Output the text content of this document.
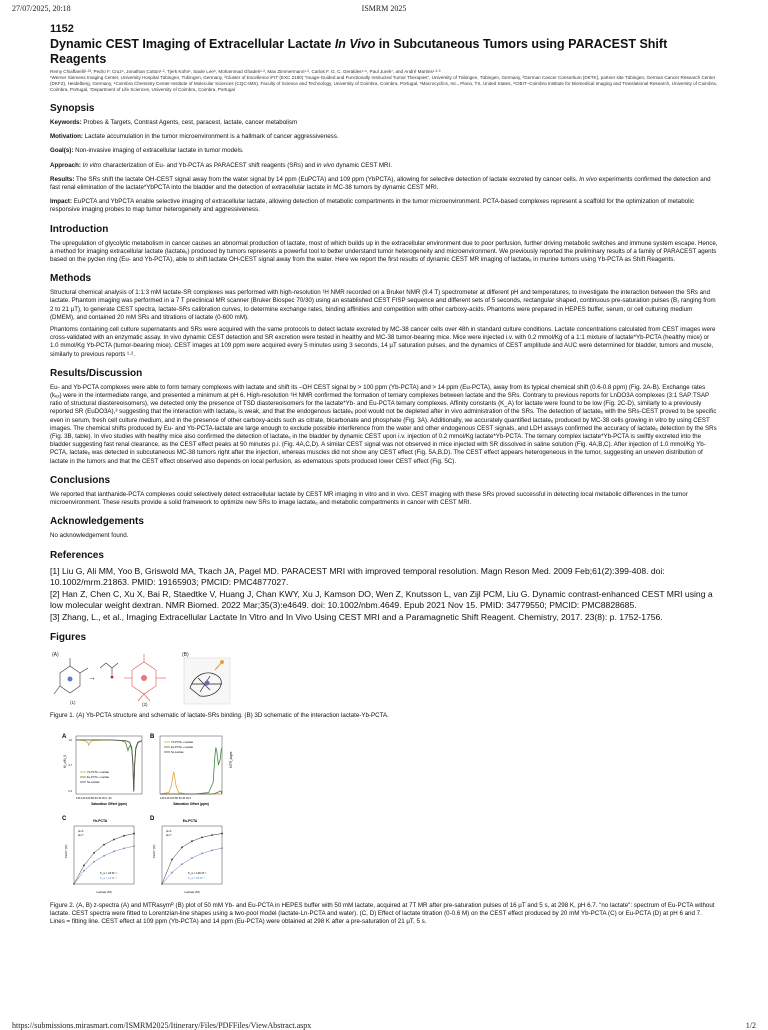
27/07/2025, 20:18	ISMRM 2025

1152

Dynamic CEST Imaging of Extracellular Lactate In Vivo in Subcutaneous Tumors using PARACEST Shift Reagents

Remy Chiaffarelli¹·²³, Pedro F. Cruz⁴, Jonathan Cotton¹·², Tjerk Kühn¹, Saule Lee⁵, Mohammad Ghaderi¹·², Max Zimmermann¹·², Carlos F. G. C. Geraldes⁴·⁶, Paul Jurek⁷, and André Martins¹·²·³
¹Werner Siemens Imaging Center, University Hospital Tübingen, Tübingen, Germany, ²Cluster of Excellence iFIT (EXC 2180) "Image-Guided and Functionally Instructed Tumor Therapies", University of Tübingen, Tübingen, Germany, ³German Cancer Consortium (DKTK), partner site Tübingen, German Cancer Research Center (DKFZ), Heidelberg, Germany, ⁴Coimbra Chemistry Center-Institute of Molecular Sciences (CQC-IMS), Faculty of Science and Technology, University of Coimbra, Coimbra, Portugal, ⁵Macrocyclics, Inc., Plano, TX, United States, ⁶CIBIT–Coimbra Institute for Biomedical Imaging and Translational Research, University of Coimbra, Coimbra, Portugal, ⁷Department of Life Sciences, University of Coimbra, Coimbra, Portugal
Synopsis

Keywords: Probes & Targets, Contrast Agents, cest, paracest, lactate, cancer metabolism

Motivation: Lactate accumulation in the tumor microenvironment is a hallmark of cancer aggressiveness.

Goal(s): Non-invasive imaging of extracellular lactate in tumor models.

Approach: In vitro characterization of Eu- and Yb-PCTA as PARACEST shift reagents (SRs) and in vivo dynamic CEST MRI.

Results: The SRs shift the lactate OH-CEST signal away from the water signal by 14 ppm (EuPCTA) and 109 ppm (YbPCTA), allowing for selective detection of lactate excreted by cancer cells. In vivo experiments confirmed the detection and fast renal elimination of the lactate*YbPCTA into the bladder and the detection of extracellular lactate in MC-38 tumors by dynamic CEST MRI.

Impact: EuPCTA and YbPCTA enable selective imaging of extracellular lactate, allowing detection of metabolic compartments in the tumor microenvironment. PCTA-based complexes represent a scaffold for the optimization of metabolic responsive imaging probes to map tumor heterogeneity and aggressiveness.

Introduction

The upregulation of glycolytic metabolism in cancer causes an abnormal production of lactate, most of which builds up in the extracellular environment due to poor perfusion, further driving metabolic switches and immune system escape. Hence, a method for imaging extracellular lactate (lactateₑ) produced by tumors represents a powerful tool to better understand tumor heterogeneity and microenvironment. We previously reported the preliminary results of a family of PARACEST agents based on the pyclen ring (Eu- and Yb-PCTA), able to shift lactate OH-CEST signal away from the water. Here we report the first results of dynamic CEST MR imaging of lactateₑ in murine tumors using Yb-PCTA as Shift Reagents.

Methods

Structural chemical analysis of 1:1:3 mM lactate-SR complexes was performed with high-resolution ¹H NMR recorded on a Bruker NMR (9.4 T) spectrometer at different pH and temperatures, to investigate the interaction between the SRs and lactate. Phantom imaging was performed in a 7 T preclinical MR scanner (Bruker Biospec 70/30) using an established CEST FISP sequence and different sets of 5 seconds, rectangular shaped, continuous pre-saturation pulses (B₁ ranging from 2 to 21 µT), to generate CEST spectra, lactate-SRs calibration curves, to determine exchange rates, binding affinities and competition with other carboxy-acids. Phantoms were prepared in HEPES buffer, serum, or cell culturing medium (DMEM), and contained 20 mM SRs and titrations of lactate (0-600 mM).

Phantoms containing cell culture supernatants and SRs were acquired with the same protocols to detect lactate excreted by MC-38 cancer cells over 48h in standard culture conditions. Lactate concentrations calculated from CEST images were cross-validated with an enzymatic assay. In vivo dynamic CEST detection and SR excretion were tested in healthy and MC-38 tumor-bearing mice. Mice were injected i.v. with 0.2 mmol/Kg of a 1:1 mixture of lactate*Yb-PCTA (healthy mice) or 1.0 mmol/Kg Yb-PCTA (tumor-bearing mice). CEST images at 109 ppm were acquired every 5 minutes using 3 seconds, 14 µT saturation pulses, and the dynamics of CEST amplitude and AUC were determined for bladder, tumors and muscle, similarly to previous reports ¹·².

Results/Discussion

Eu- and Yb-PCTA complexes were able to form ternary complexes with lactate and shift its –OH CEST signal by > 100 ppm (Yb-PCTA) and > 14 ppm (Eu-PCTA), away from its typical chemical shift (0.6-0.8 ppm) (Fig. 2A-B). Exchange rates (kₑₓ) were in the intermediate range, and presented a minimum at pH 6. High-resolution ¹H NMR confirmed the formation of ternary complexes between lactate and the SRs. Contrary to previous reports for LnDO3A complexes (3:1 SAP:TSAP ratio of structural diastereoisomers), we detected only the presence of TSD diastereoisomers for the lactate*Yb- and Eu-PCTA ternary complexes. Affinity constants (K_A) for lactate were found to be low (Fig. 2C-D), similarly to a previously reported SR (EuDO3A),³ suggesting that the interaction with lactateₑ is weak, and that the endogenous lactateₑ pool would not be depleted after in vivo administration of the SRs. The detection of lactateₑ with the SRs-CEST proved to be specific even in serum, fresh cell culture medium, and in the presence of other carboxy-acids such as citrate, bicarbonate and phosphate (Fig. 3A). Additionally, we accurately quantified lactateₑ produced by MC-38 cells growing in vitro by using CEST images. The chemical shifts produced by Eu- and Yb-PCTA-lactate are large enough to exclude possible interference from the water and other endogenous CEST signals, and LDH assays confirmed the accuracy of lactateₑ detection by the SRs (Fig. 3B, table). In vivo studies with healthy mice also confirmed the detection of lactateₑ in the bladder by dynamic CEST upon i.v. injection of 0.2 mmol/Kg lactate*Yb-PCTA. The ternary complex lactate*Yb-PCTA is swiftly excreted into the bladder suggesting fast renal clearance, as the CEST effect peaks at 50 minutes p.i. (Fig. 4A,C,D). A similar CEST signal was not observed in mice injected with SR dissolved in saline solution (Fig. 4A,B,C). After injection of 1.0 mmol/Kg Yb-PCTA, lactateₑ was detected in subcutaneous MC-38 tumors right after the injection, whereas muscles did not show any CEST effect (Fig. 5A,B,D). The CEST effect appears heterogeneous in the tumor, suggesting an uneven distribution of lactate in the tumors and that the CEST effect observed also depends on local perfusion, as edematous spots produced lower CEST effect (Fig. 5C).

Conclusions

We reported that lanthanide-PCTA complexes could selectively detect extracellular lactate by CEST MR imaging in vitro and in vivo. CEST imaging with these SRs proved successful in detecting local metabolic differences in the tumor microenvironment. These results provide a solid framework to optimize new SRs to image lactateₑ and metabolic compartments in cancer with CEST MRI.

Acknowledgements

No acknowledgement found.

References

[1] Liu G, Ali MM, Yoo B, Griswold MA, Tkach JA, Pagel MD. PARACEST MRI with improved temporal resolution. Magn Reson Med. 2009 Feb;61(2):399-408. doi: 10.1002/mrm.21863. PMID: 19165903; PMCID: PMC4877027.

[2] Han Z, Chen C, Xu X, Bai R, Staedtke V, Huang J, Chan KWY, Xu J, Kamson DO, Wen Z, Knutsson L, van Zijl PCM, Liu G. Dynamic contrast-enhanced CEST MRI using a low molecular weight dextran. NMR Biomed. 2022 Mar;35(3):e4649. doi: 10.1002/nbm.4649. Epub 2021 Nov 15. PMID: 34779550; PMCID: PMC8828685.

[3] Zhang, L., et al., Imaging Extracellular Lactate In Vitro and In Vivo Using CEST MRI and a Paramagnetic Shift Reagent. Chemistry, 2017. 23(8): p. 1752-1756.

Figures
(A)	(B)
→
(1)	(2)

Figure 1. (A) Yb-PCTA structure and schematic of lactate-SRs binding. (B) 3D schematic of the interaction lactate-Yb-PCTA.

A
M_z/M_0
1.0
0.7
0.4
140 120 100 80 60 40 20 0 -20
Saturation Offset (ppm)
Yb-PCTA + Lactate
Eu-PCTA + Lactate
No Lactate
B
MTR_asym
140 120 100 80 60 40 20 0
Saturation Offset (ppm)
Yb-PCTA + Lactate
Eu-PCTA + Lactate
No Lactate
C	Yb-PCTA
CEST (%)
Lactate (M)
pH 6
pH 7
K_a = 20 M⁻¹
K_a = 13 M⁻¹
D	Eu-PCTA
CEST (%)
Lactate (M)
pH 6
pH 7
K_a = 100 M⁻¹
K_a = 25 M⁻¹

Figure 2. (A, B) z-spectra (A) and MTRasymᴿ (B) plot of 50 mM Yb- and Eu-PCTA in HEPES buffer with 50 mM lactate, acquired at 7T MR after pre-saturation pulses of 16 µT and 5 s, at 298 K, pH 6.7. "no lactate": spectrum of Eu-PCTA without lactate. CEST spectra were fitted to Lorentzian-line shapes using a two-pool model (lactate-Ln-PCTA and water). (C, D) Effect of lactate titration (0-0.6 M) on the CEST effect produced by 20 mM Yb-PCTA (C) or Eu-PCTA (D) at pH 6 and 7. Lines = fitting line. CEST effect at 109 ppm (Yb-PCTA) and 14 ppm (Eu-PCTA) were obtained at 298 K after a pre-saturation of 21 µT, 5 s.

https://submissions.mirasmart.com/ISMRM2025/Itinerary/Files/PDFFiles/ViewAbstract.aspx	1/2
